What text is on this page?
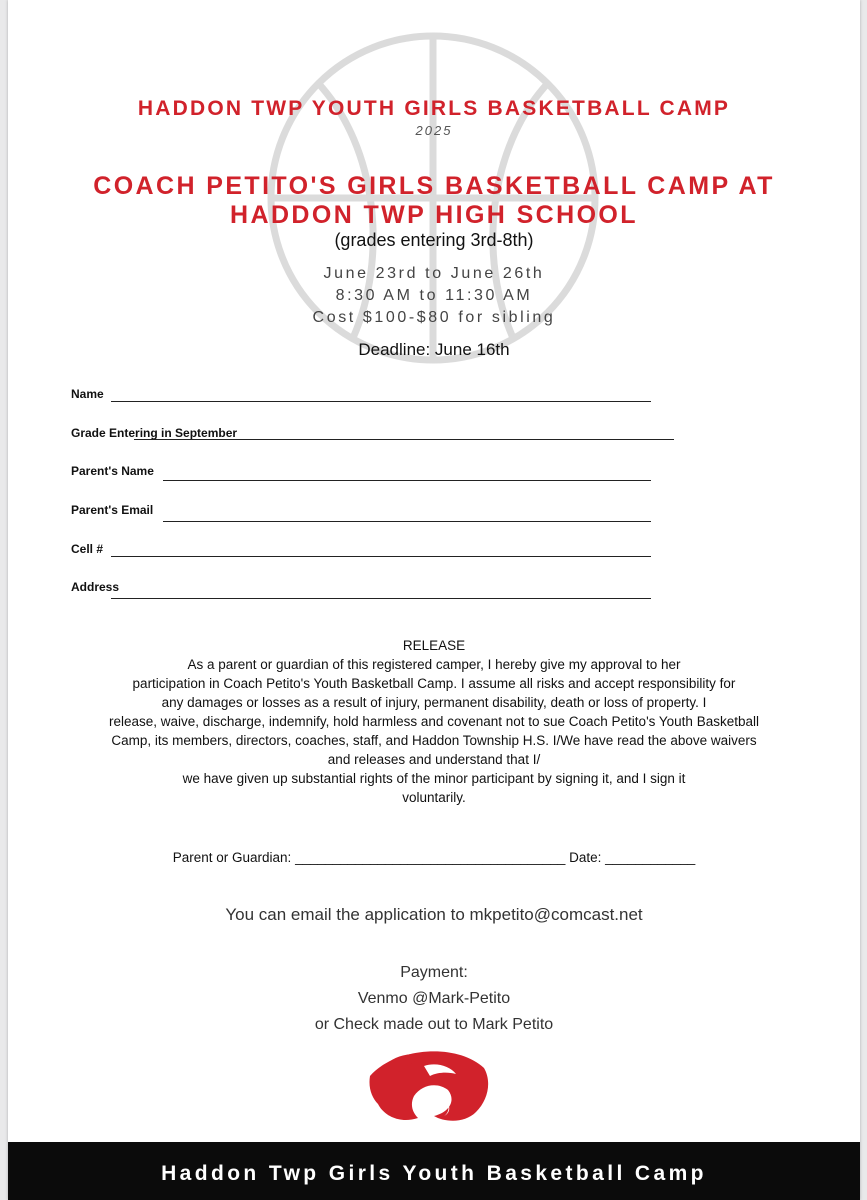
HADDON TWP YOUTH GIRLS BASKETBALL CAMP
2025
COACH PETITO'S GIRLS BASKETBALL CAMP AT
HADDON TWP HIGH SCHOOL
(grades entering 3rd-8th)
June 23rd to June 26th
8:30 AM to 11:30 AM
Cost $100-$80 for sibling
Deadline: June 16th
Name
Grade Entering in September
Parent's Name
Parent's Email
Cell #
Address
RELEASE
As a parent or guardian of this registered camper, I hereby give my approval to her
participation in Coach Petito's Youth Basketball Camp. I assume all risks and accept responsibility for
any damages or losses as a result of injury, permanent disability, death or loss of property. I
release, waive, discharge, indemnify, hold harmless and covenant not to sue Coach Petito's Youth Basketball
Camp, its members, directors, coaches, staff, and Haddon Township H.S. I/We have read the above waivers
and releases and understand that I/
we have given up substantial rights of the minor participant by signing it, and I sign it
voluntarily.
Parent or Guardian: ____________________________________ Date: ____________
You can email the application to mkpetito@comcast.net
Payment:
Venmo @Mark-Petito
or Check made out to Mark Petito
Haddon Twp Girls Youth Basketball Camp
